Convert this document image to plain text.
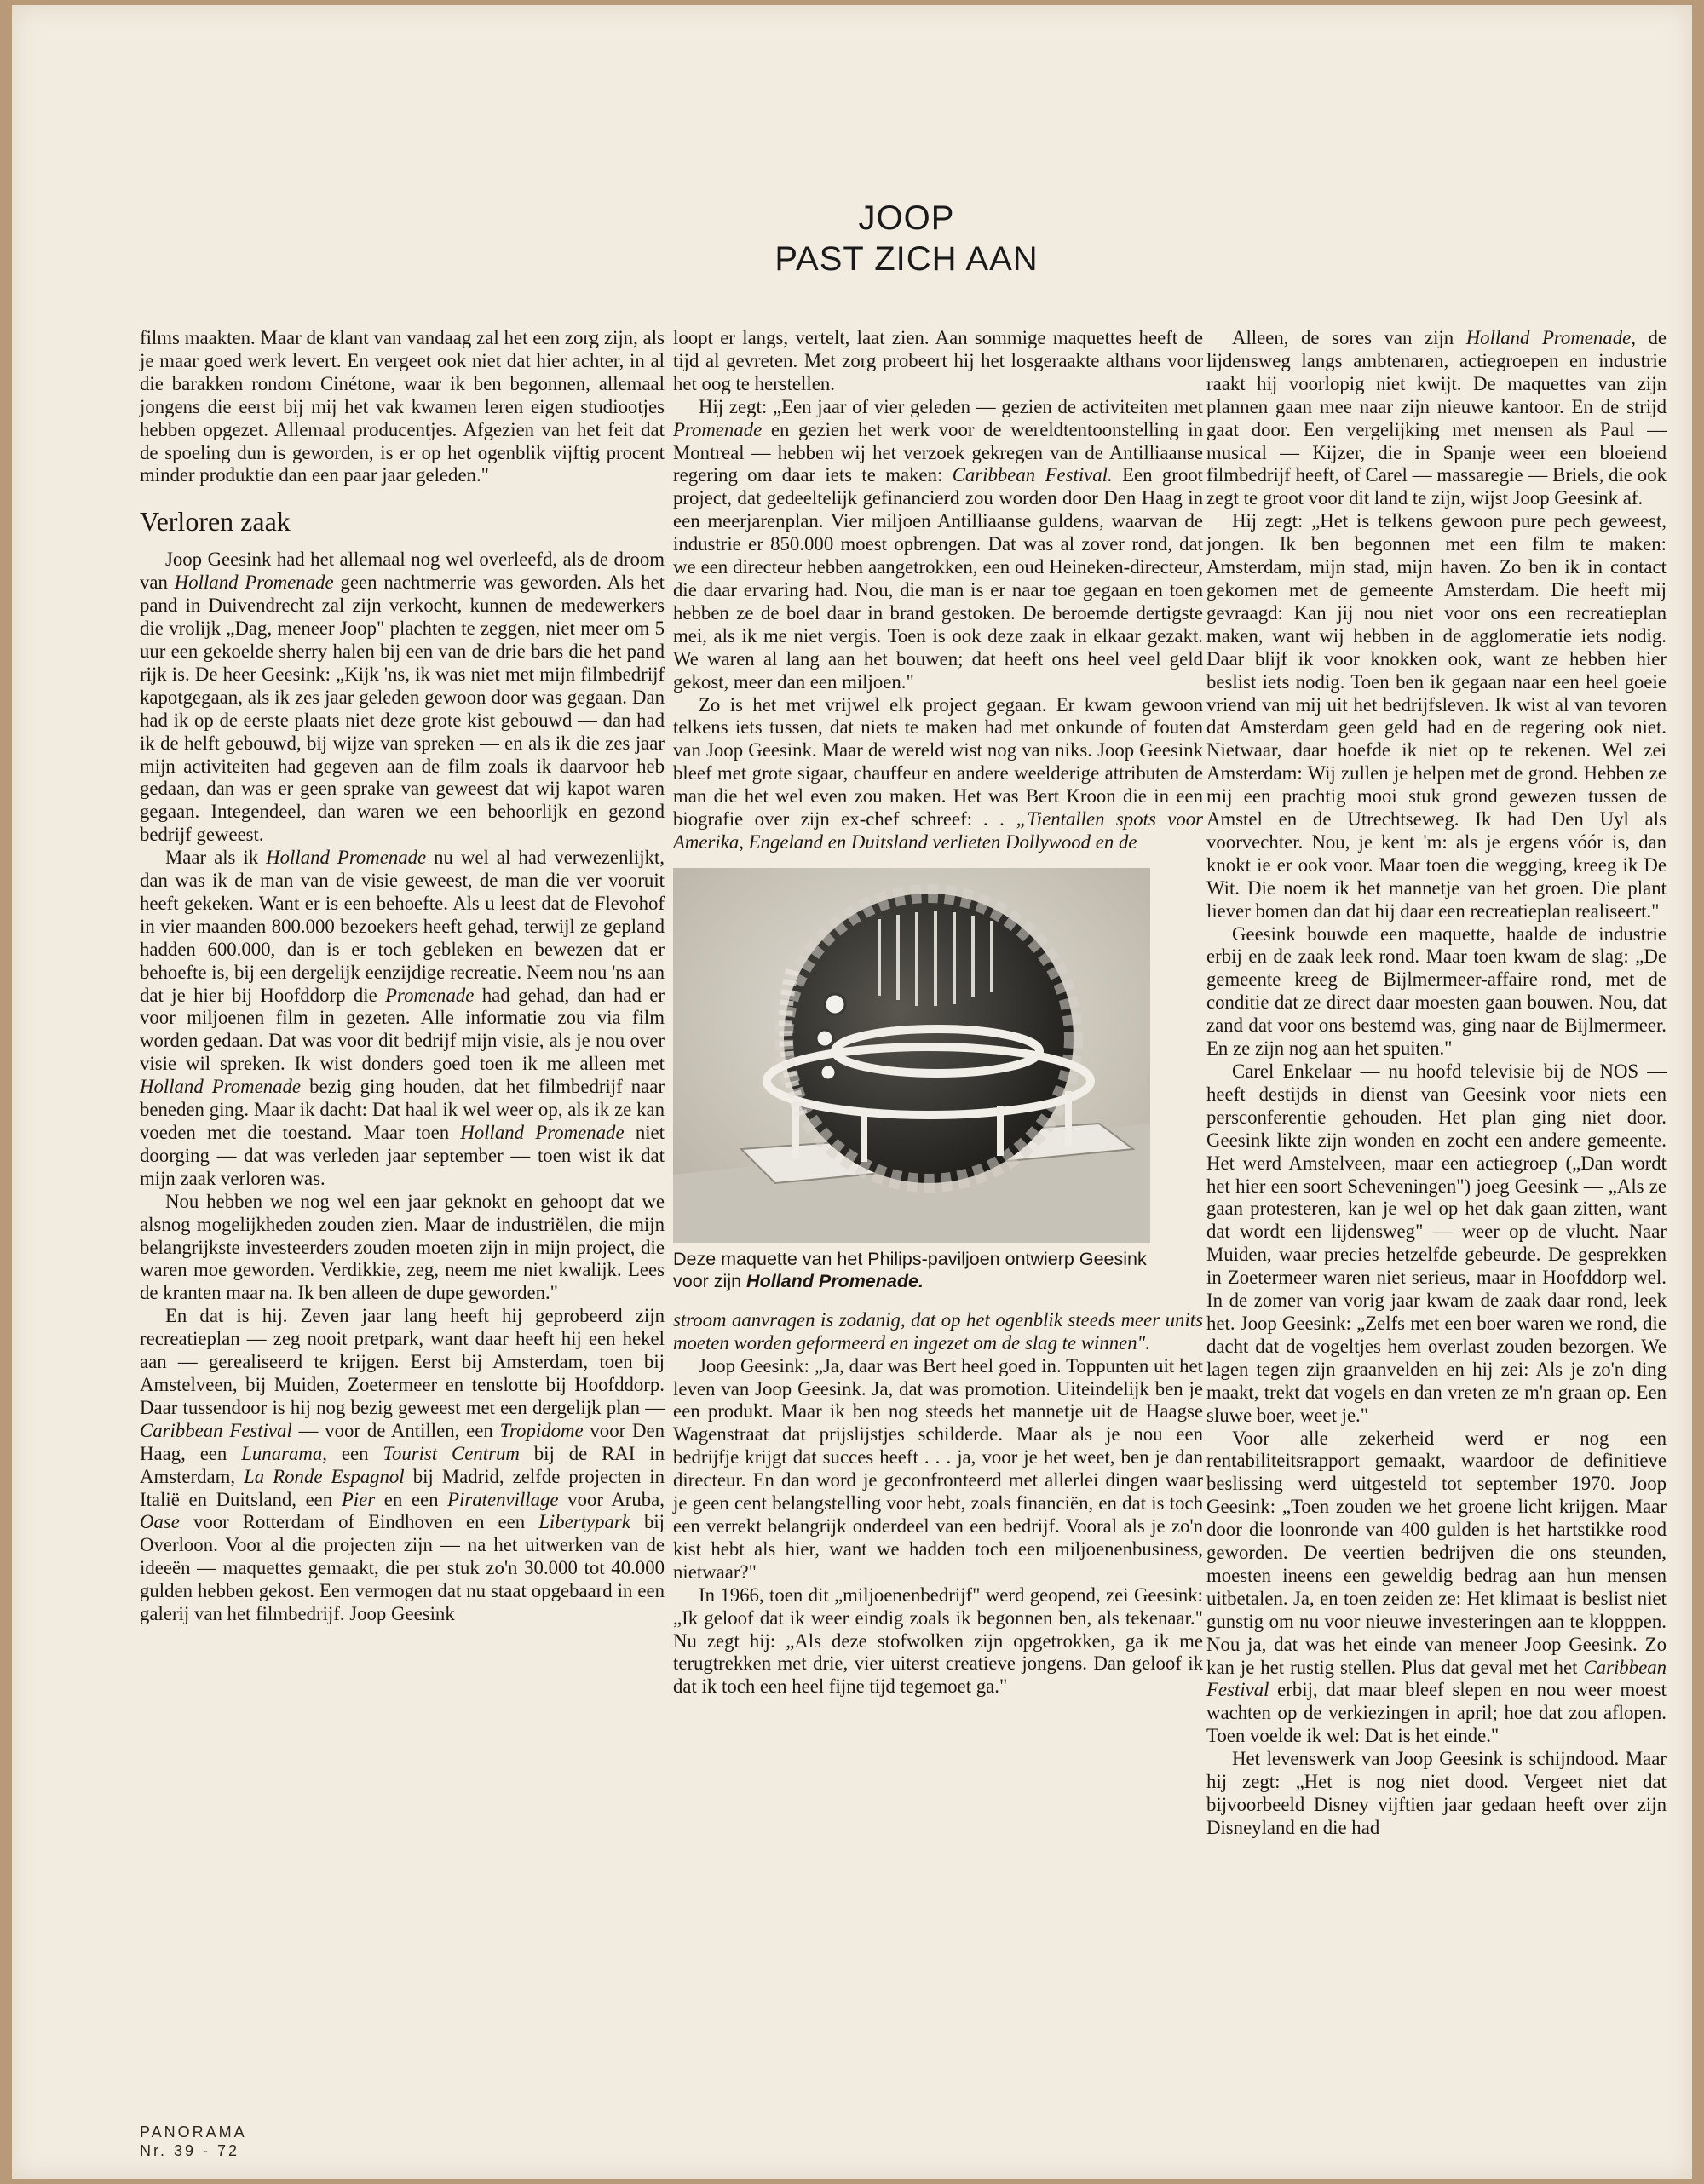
JOOP
PAST ZICH AAN

films maakten. Maar de klant van vandaag zal het een zorg zijn, als je maar goed werk levert. En vergeet ook niet dat hier achter, in al die barakken rondom Cinétone, waar ik ben begonnen, allemaal jongens die eerst bij mij het vak kwamen leren eigen studiootjes hebben opgezet. Allemaal producentjes. Afgezien van het feit dat de spoeling dun is geworden, is er op het ogenblik vijftig procent minder produktie dan een paar jaar geleden."

Verloren zaak

Joop Geesink had het allemaal nog wel overleefd, als de droom van Holland Promenade geen nachtmerrie was geworden. Als het pand in Duivendrecht zal zijn verkocht, kunnen de medewerkers die vrolijk „Dag, meneer Joop" plachten te zeggen, niet meer om 5 uur een gekoelde sherry halen bij een van de drie bars die het pand rijk is. De heer Geesink: „Kijk 'ns, ik was niet met mijn filmbedrijf kapotgegaan, als ik zes jaar geleden gewoon door was gegaan. Dan had ik op de eerste plaats niet deze grote kist gebouwd — dan had ik de helft gebouwd, bij wijze van spreken — en als ik die zes jaar mijn activiteiten had gegeven aan de film zoals ik daarvoor heb gedaan, dan was er geen sprake van geweest dat wij kapot waren gegaan. Integendeel, dan waren we een behoorlijk en gezond bedrijf geweest.

Maar als ik Holland Promenade nu wel al had verwezenlijkt, dan was ik de man van de visie geweest, de man die ver vooruit heeft gekeken. Want er is een behoefte. Als u leest dat de Flevohof in vier maanden 800.000 bezoekers heeft gehad, terwijl ze gepland hadden 600.000, dan is er toch gebleken en bewezen dat er behoefte is, bij een dergelijk eenzijdige recreatie. Neem nou 'ns aan dat je hier bij Hoofddorp die Promenade had gehad, dan had er voor miljoenen film in gezeten. Alle informatie zou via film worden gedaan. Dat was voor dit bedrijf mijn visie, als je nou over visie wil spreken. Ik wist donders goed toen ik me alleen met Holland Promenade bezig ging houden, dat het filmbedrijf naar beneden ging. Maar ik dacht: Dat haal ik wel weer op, als ik ze kan voeden met die toestand. Maar toen Holland Promenade niet doorging — dat was verleden jaar september — toen wist ik dat mijn zaak verloren was.

Nou hebben we nog wel een jaar geknokt en gehoopt dat we alsnog mogelijkheden zouden zien. Maar de industriëlen, die mijn belangrijkste investeerders zouden moeten zijn in mijn project, die waren moe geworden. Verdikkie, zeg, neem me niet kwalijk. Lees de kranten maar na. Ik ben alleen de dupe geworden."

En dat is hij. Zeven jaar lang heeft hij geprobeerd zijn recreatieplan — zeg nooit pretpark, want daar heeft hij een hekel aan — gerealiseerd te krijgen. Eerst bij Amsterdam, toen bij Amstelveen, bij Muiden, Zoetermeer en tenslotte bij Hoofddorp. Daar tussendoor is hij nog bezig geweest met een dergelijk plan — Caribbean Festival — voor de Antillen, een Tropidome voor Den Haag, een Lunarama, een Tourist Centrum bij de RAI in Amsterdam, La Ronde Espagnol bij Madrid, zelfde projecten in Italië en Duitsland, een Pier en een Piratenvillage voor Aruba, Oase voor Rotterdam of Eindhoven en een Libertypark bij Overloon. Voor al die projecten zijn — na het uitwerken van de ideeën — maquettes gemaakt, die per stuk zo'n 30.000 tot 40.000 gulden hebben gekost. Een vermogen dat nu staat opgebaard in een galerij van het filmbedrijf. Joop Geesink

loopt er langs, vertelt, laat zien. Aan sommige maquettes heeft de tijd al gevreten. Met zorg probeert hij het losgeraakte althans voor het oog te herstellen.

Hij zegt: „Een jaar of vier geleden — gezien de activiteiten met Promenade en gezien het werk voor de wereldtentoonstelling in Montreal — hebben wij het verzoek gekregen van de Antilliaanse regering om daar iets te maken: Caribbean Festival. Een groot project, dat gedeeltelijk gefinancierd zou worden door Den Haag in een meerjarenplan. Vier miljoen Antilliaanse guldens, waarvan de industrie er 850.000 moest opbrengen. Dat was al zover rond, dat we een directeur hebben aangetrokken, een oud Heineken-directeur, die daar ervaring had. Nou, die man is er naar toe gegaan en toen hebben ze de boel daar in brand gestoken. De beroemde dertigste mei, als ik me niet vergis. Toen is ook deze zaak in elkaar gezakt. We waren al lang aan het bouwen; dat heeft ons heel veel geld gekost, meer dan een miljoen."

Zo is het met vrijwel elk project gegaan. Er kwam gewoon telkens iets tussen, dat niets te maken had met onkunde of fouten van Joop Geesink. Maar de wereld wist nog van niks. Joop Geesink bleef met grote sigaar, chauffeur en andere weelderige attributen de man die het wel even zou maken. Het was Bert Kroon die in een biografie over zijn ex-chef schreef: . . „Tientallen spots voor Amerika, Engeland en Duitsland verlieten Dollywood en de

Deze maquette van het Philips-paviljoen ontwierp Geesink voor zijn Holland Promenade.

stroom aanvragen is zodanig, dat op het ogenblik steeds meer units moeten worden geformeerd en ingezet om de slag te winnen".

Joop Geesink: „Ja, daar was Bert heel goed in. Toppunten uit het leven van Joop Geesink. Ja, dat was promotion. Uiteindelijk ben je een produkt. Maar ik ben nog steeds het mannetje uit de Haagse Wagenstraat dat prijslijstjes schilderde. Maar als je nou een bedrijfje krijgt dat succes heeft . . . ja, voor je het weet, ben je dan directeur. En dan word je geconfronteerd met allerlei dingen waar je geen cent belangstelling voor hebt, zoals financiën, en dat is toch een verrekt belangrijk onderdeel van een bedrijf. Vooral als je zo'n kist hebt als hier, want we hadden toch een miljoenenbusiness, nietwaar?"

In 1966, toen dit „miljoenenbedrijf" werd geopend, zei Geesink: „Ik geloof dat ik weer eindig zoals ik begonnen ben, als tekenaar." Nu zegt hij: „Als deze stofwolken zijn opgetrokken, ga ik me terugtrekken met drie, vier uiterst creatieve jongens. Dan geloof ik dat ik toch een heel fijne tijd tegemoet ga."

Alleen, de sores van zijn Holland Promenade, de lijdensweg langs ambtenaren, actiegroepen en industrie raakt hij voorlopig niet kwijt. De maquettes van zijn plannen gaan mee naar zijn nieuwe kantoor. En de strijd gaat door. Een vergelijking met mensen als Paul — musical — Kijzer, die in Spanje weer een bloeiend filmbedrijf heeft, of Carel — massaregie — Briels, die ook zegt te groot voor dit land te zijn, wijst Joop Geesink af.

Hij zegt: „Het is telkens gewoon pure pech geweest, jongen. Ik ben begonnen met een film te maken: Amsterdam, mijn stad, mijn haven. Zo ben ik in contact gekomen met de gemeente Amsterdam. Die heeft mij gevraagd: Kan jij nou niet voor ons een recreatieplan maken, want wij hebben in de agglomeratie iets nodig. Daar blijf ik voor knokken ook, want ze hebben hier beslist iets nodig. Toen ben ik gegaan naar een heel goeie vriend van mij uit het bedrijfsleven. Ik wist al van tevoren dat Amsterdam geen geld had en de regering ook niet. Nietwaar, daar hoefde ik niet op te rekenen. Wel zei Amsterdam: Wij zullen je helpen met de grond. Hebben ze mij een prachtig mooi stuk grond gewezen tussen de Amstel en de Utrechtseweg. Ik had Den Uyl als voorvechter. Nou, je kent 'm: als je ergens vóór is, dan knokt ie er ook voor. Maar toen die wegging, kreeg ik De Wit. Die noem ik het mannetje van het groen. Die plant liever bomen dan dat hij daar een recreatieplan realiseert."

Geesink bouwde een maquette, haalde de industrie erbij en de zaak leek rond. Maar toen kwam de slag: „De gemeente kreeg de Bijlmermeer-affaire rond, met de conditie dat ze direct daar moesten gaan bouwen. Nou, dat zand dat voor ons bestemd was, ging naar de Bijlmermeer. En ze zijn nog aan het spuiten."

Carel Enkelaar — nu hoofd televisie bij de NOS — heeft destijds in dienst van Geesink voor niets een persconferentie gehouden. Het plan ging niet door. Geesink likte zijn wonden en zocht een andere gemeente. Het werd Amstelveen, maar een actiegroep („Dan wordt het hier een soort Scheveningen") joeg Geesink — „Als ze gaan protesteren, kan je wel op het dak gaan zitten, want dat wordt een lijdensweg" — weer op de vlucht. Naar Muiden, waar precies hetzelfde gebeurde. De gesprekken in Zoetermeer waren niet serieus, maar in Hoofddorp wel. In de zomer van vorig jaar kwam de zaak daar rond, leek het. Joop Geesink: „Zelfs met een boer waren we rond, die dacht dat de vogeltjes hem overlast zouden bezorgen. We lagen tegen zijn graanvelden en hij zei: Als je zo'n ding maakt, trekt dat vogels en dan vreten ze m'n graan op. Een sluwe boer, weet je."

Voor alle zekerheid werd er nog een rentabiliteitsrapport gemaakt, waardoor de definitieve beslissing werd uitgesteld tot september 1970. Joop Geesink: „Toen zouden we het groene licht krijgen. Maar door die loonronde van 400 gulden is het hartstikke rood geworden. De veertien bedrijven die ons steunden, moesten ineens een geweldig bedrag aan hun mensen uitbetalen. Ja, en toen zeiden ze: Het klimaat is beslist niet gunstig om nu voor nieuwe investeringen aan te klopppen. Nou ja, dat was het einde van meneer Joop Geesink. Zo kan je het rustig stellen. Plus dat geval met het Caribbean Festival erbij, dat maar bleef slepen en nou weer moest wachten op de verkiezingen in april; hoe dat zou aflopen. Toen voelde ik wel: Dat is het einde."

Het levenswerk van Joop Geesink is schijndood. Maar hij zegt: „Het is nog niet dood. Vergeet niet dat bijvoorbeeld Disney vijftien jaar gedaan heeft over zijn Disneyland en die had

PANORAMA
Nr. 39 - 72
